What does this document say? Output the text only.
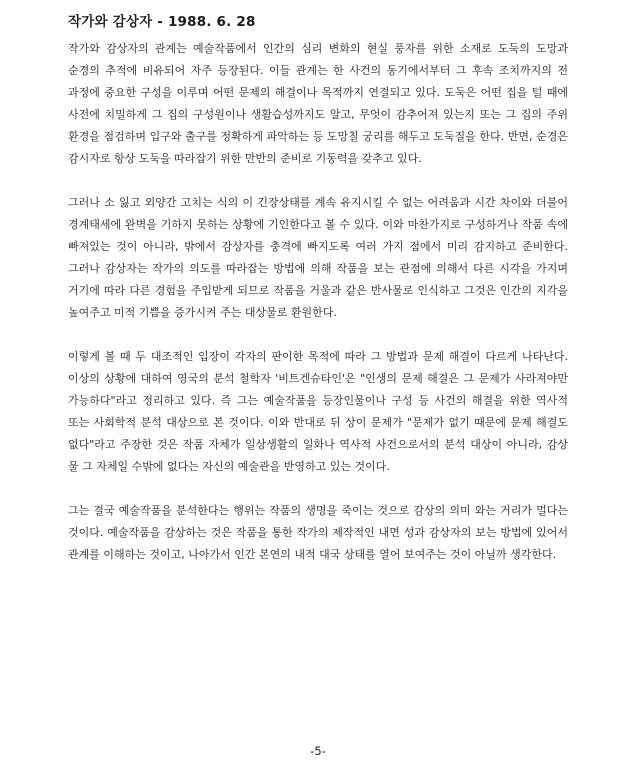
작가와 감상자 - 1988. 6. 28

작가와 감상자의 관계는 예술작품에서 인간의 심리 변화의 현실 풍자를 위한 소재로 도둑의 도망과 순경의 추적에 비유되어 자주 등장된다. 이들 관계는 한 사건의 동기에서부터 그 후속 조치까지의 전 과정에 중요한 구성을 이루며 어떤 문제의 해결이나 목적까지 연결되고 있다. 도둑은 어떤 집을 털 때에 사전에 치밀하게 그 집의 구성원이나 생활습성까지도 알고, 무엇이 감추어져 있는지 또는 그 집의 주위 환경을 점검하며 입구와 출구를 정확하게 파악하는 등 도망칠 궁리를 해두고 도둑질을 한다. 반면, 순경은 감시자로 항상 도둑을 따라잡기 위한 만반의 준비로 기동력을 갖추고 있다.

그러나 소 잃고 외양간 고치는 식의 이 긴장상태를 계속 유지시킬 수 없는 어려움과 시간 차이와 더불어 경계태세에 완벽을 기하지 못하는 상황에 기인한다고 볼 수 있다. 이와 마찬가지로 구성하거나 작품 속에 빠져있는 것이 아니라, 밖에서 감상자를 충격에 빠지도록 여러 가지 점에서 미리 감지하고 준비한다. 그러나 감상자는 작가의 의도를 따라잡는 방법에 의해 작품을 보는 관점에 의해서 다른 시각을 가지며 거기에 따라 다른 경험을 주입받게 되므로 작품을 거울과 같은 반사물로 인식하고 그것은 인간의 지각을 높여주고 미적 기쁨을 증가시켜 주는 대상물로 환원한다.

이렇게 볼 때 두 대조적인 입장이 각자의 판이한 목적에 따라 그 방법과 문제 해결이 다르게 나타난다. 이상의 상황에 대하여 영국의 분석 철학자 '비트겐슈타인'은 "인생의 문제 해결은 그 문제가 사라져야만 가능하다"라고 정리하고 있다. 즉 그는 예술작품을 등장인물이나 구성 등 사건의 해결을 위한 역사적 또는 사회학적 분석 대상으로 본 것이다. 이와 반대로 뒤 상이 문제가 "문제가 없기 때문에 문제 해결도 없다"라고 주장한 것은 작품 자체가 일상생활의 일화나 역사적 사건으로서의 분석 대상이 아니라, 감상 물 그 자체일 수밖에 없다는 자신의 예술관을 반영하고 있는 것이다.

그는 결국 예술작품을 분석한다는 행위는 작품의 생명을 죽이는 것으로 감상의 의미 와는 거리가 멀다는 것이다. 예술작품을 감상하는 것은 작품을 통한 작가의 제작적인 내면 성과 감상자의 보는 방법에 있어서 관계를 이해하는 것이고, 나아가서 인간 본연의 내적 대국 상태를 열어 보여주는 것이 아닐까 생각한다.

-5-
